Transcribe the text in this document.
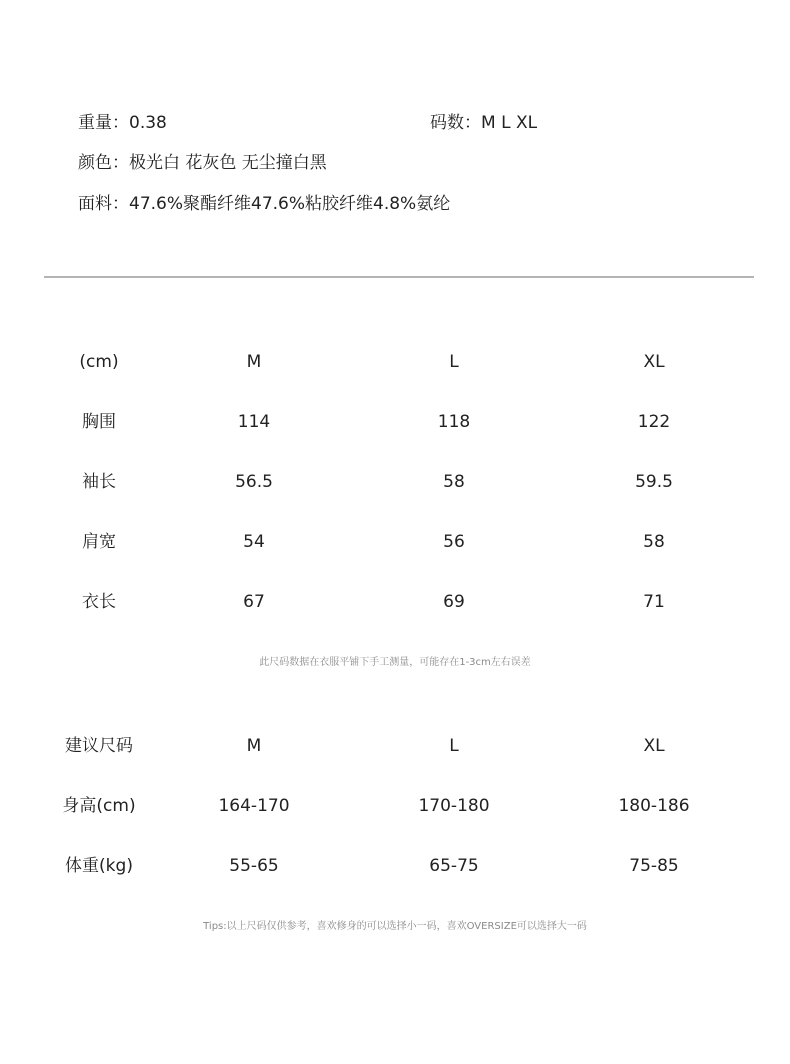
重量：0.38	码数：M L XL
颜色：极光白 花灰色 无尘撞白黑
面料：47.6%聚酯纤维47.6%粘胶纤维4.8%氨纶
(cm)	M	L	XL
胸围	114	118	122
袖长	56.5	58	59.5
肩宽	54	56	58
衣长	67	69	71
此尺码数据在衣服平铺下手工测量，可能存在1-3cm左右误差
建议尺码	M	L	XL
身高(cm)	164-170	170-180	180-186
体重(kg)	55-65	65-75	75-85
Tips:以上尺码仅供参考，喜欢修身的可以选择小一码，喜欢OVERSIZE可以选择大一码
